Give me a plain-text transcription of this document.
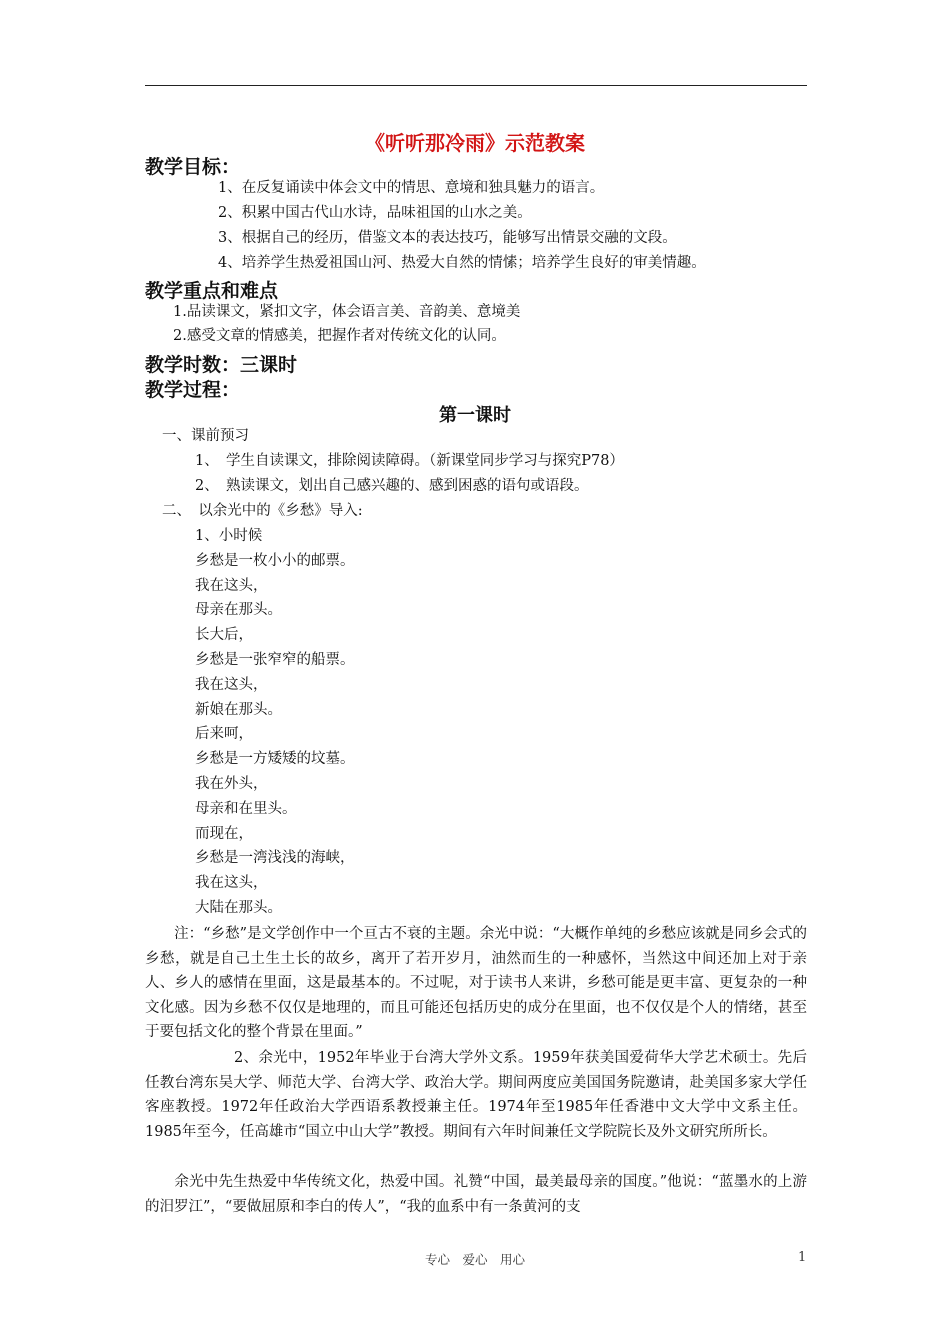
《听听那冷雨》示范教案
教学目标：
1、在反复诵读中体会文中的情思、意境和独具魅力的语言。
2、积累中国古代山水诗，品味祖国的山水之美。
3、根据自己的经历，借鉴文本的表达技巧，能够写出情景交融的文段。
4、培养学生热爱祖国山河、热爱大自然的情愫；培养学生良好的审美情趣。
教学重点和难点
1.品读课文，紧扣文字，体会语言美、音韵美、意境美
2.感受文章的情感美，把握作者对传统文化的认同。
教学时数：三课时
教学过程：
第一课时
一、课前预习
1、　学生自读课文，排除阅读障碍。（新课堂同步学习与探究P78）
2、　熟读课文，划出自己感兴趣的、感到困惑的语句或语段。
二、　以余光中的《乡愁》导入:
1、小时候
乡愁是一枚小小的邮票。
我在这头，
母亲在那头。
长大后，
乡愁是一张窄窄的船票。
我在这头，
新娘在那头。
后来呵，
乡愁是一方矮矮的坟墓。
我在外头，
母亲和在里头。
而现在，
乡愁是一湾浅浅的海峡，
我在这头，
大陆在那头。
　　注：“乡愁”是文学创作中一个亘古不衰的主题。余光中说：“大概作单纯的乡愁应该就是同乡会式的乡愁，就是自己土生土长的故乡，离开了若开岁月，油然而生的一种感怀，当然这中间还加上对于亲人、乡人的感情在里面，这是最基本的。不过呢，对于读书人来讲，乡愁可能是更丰富、更复杂的一种文化感。因为乡愁不仅仅是地理的，而且可能还包括历史的成分在里面，也不仅仅是个人的情绪，甚至于要包括文化的整个背景在里面。”
　　　　　　2、余光中，1952年毕业于台湾大学外文系。1959年获美国爱荷华大学艺术硕士。先后任教台湾东吴大学、师范大学、台湾大学、政治大学。期间两度应美国国务院邀请，赴美国多家大学任客座教授。1972年任政治大学西语系教授兼主任。1974年至1985年任香港中文大学中文系主任。1985年至今，任高雄市“国立中山大学”教授。期间有六年时间兼任文学院院长及外文研究所所长。
　　余光中先生热爱中华传统文化，热爱中国。礼赞“中国，最美最母亲的国度。”他说：“蓝墨水的上游的汨罗江”，“要做屈原和李白的传人”，“我的血系中有一条黄河的支
专心　爱心　用心	1
